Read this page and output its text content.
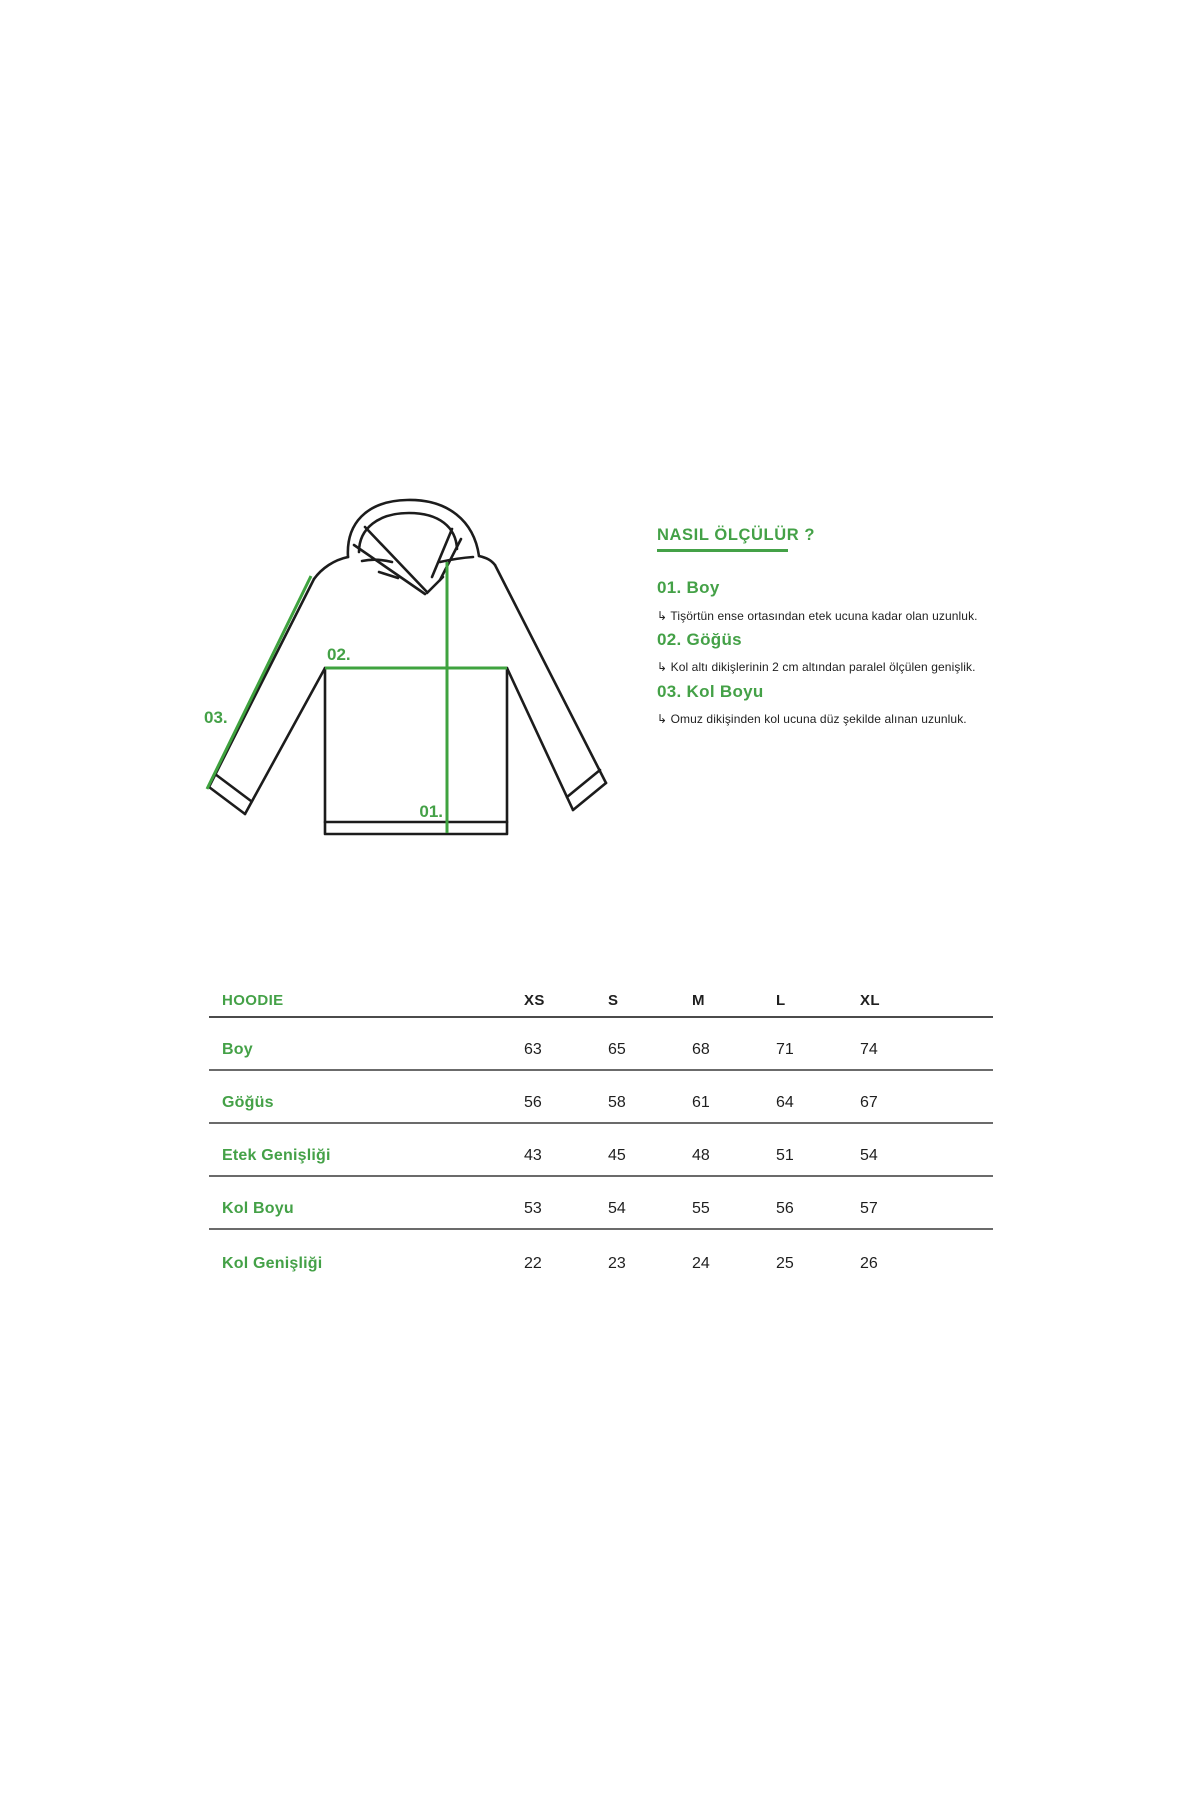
02.
01.
03.
NASIL ÖLÇÜLÜR ?
01. Boy
↳ Tişörtün ense ortasından etek ucuna kadar olan uzunluk.
02. Göğüs
↳ Kol altı dikişlerinin 2 cm altından paralel ölçülen genişlik.
03. Kol Boyu
↳ Omuz dikişinden kol ucuna düz şekilde alınan uzunluk.
HOODIE	XS	S	M	L	XL
Boy	63	65	68	71	74
Göğüs	56	58	61	64	67
Etek Genişliği	43	45	48	51	54
Kol Boyu	53	54	55	56	57
Kol Genişliği	22	23	24	25	26
